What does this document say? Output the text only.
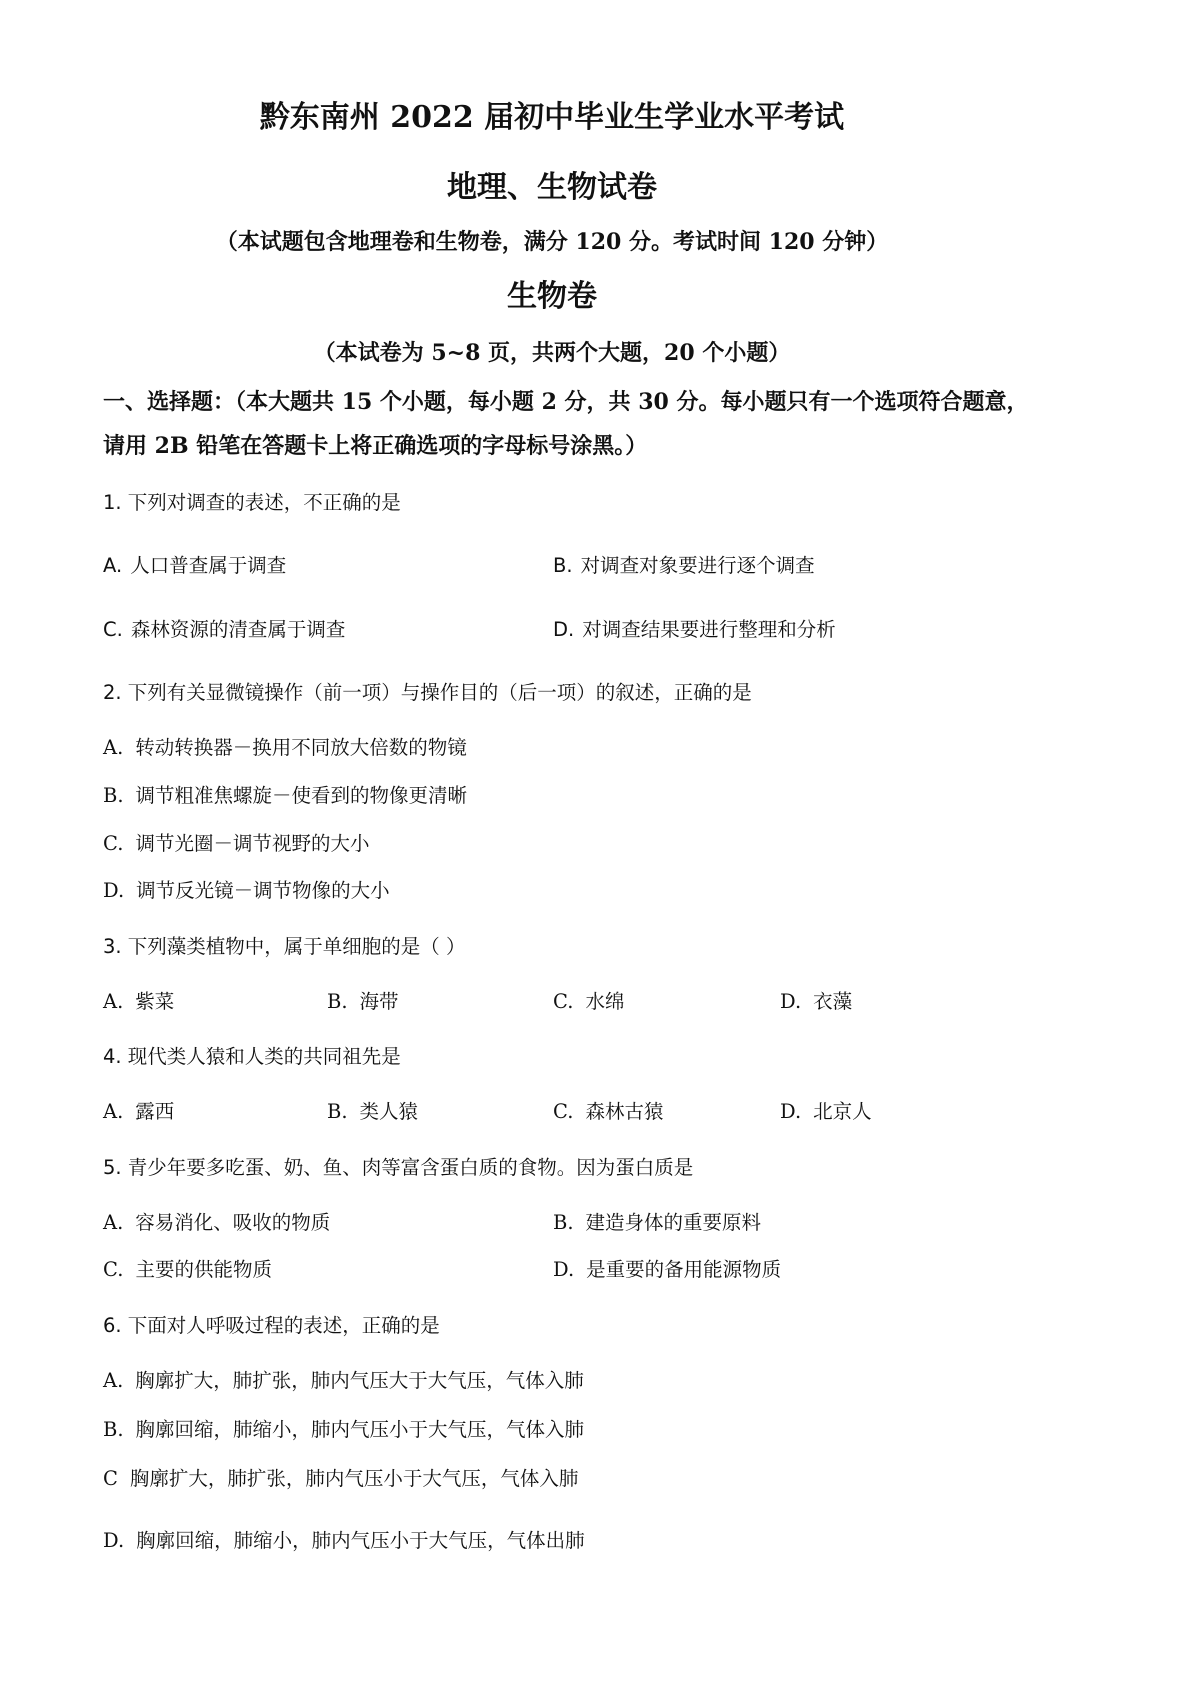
黔东南州 2022 届初中毕业生学业水平考试
地理、生物试卷
（本试题包含地理卷和生物卷，满分 120 分。考试时间 120 分钟）
生物卷
（本试卷为 5~8 页，共两个大题，20 个小题）
一、选择题：（本大题共 15 个小题，每小题 2 分，共 30 分。每小题只有一个选项符合题意，
请用 2B 铅笔在答题卡上将正确选项的字母标号涂黑。）
1. 下列对调查的表述，不正确的是
A. 人口普查属于调查	B. 对调查对象要进行逐个调查
C. 森林资源的清查属于调查	D. 对调查结果要进行整理和分析
2. 下列有关显微镜操作（前一项）与操作目的（后一项）的叙述，正确的是
A. 转动转换器－换用不同放大倍数的物镜
B. 调节粗准焦螺旋－使看到的物像更清晰
C. 调节光圈－调节视野的大小
D. 调节反光镜－调节物像的大小
3. 下列藻类植物中，属于单细胞的是（ ）
A. 紫菜	B. 海带	C. 水绵	D. 衣藻
4. 现代类人猿和人类的共同祖先是
A. 露西	B. 类人猿	C. 森林古猿	D. 北京人
5. 青少年要多吃蛋、奶、鱼、肉等富含蛋白质的食物。因为蛋白质是
A. 容易消化、吸收的物质	B. 建造身体的重要原料
C. 主要的供能物质	D. 是重要的备用能源物质
6. 下面对人呼吸过程的表述，正确的是
A. 胸廓扩大，肺扩张，肺内气压大于大气压，气体入肺
B. 胸廓回缩，肺缩小，肺内气压小于大气压，气体入肺
C 胸廓扩大，肺扩张，肺内气压小于大气压，气体入肺
D. 胸廓回缩，肺缩小，肺内气压小于大气压，气体出肺
